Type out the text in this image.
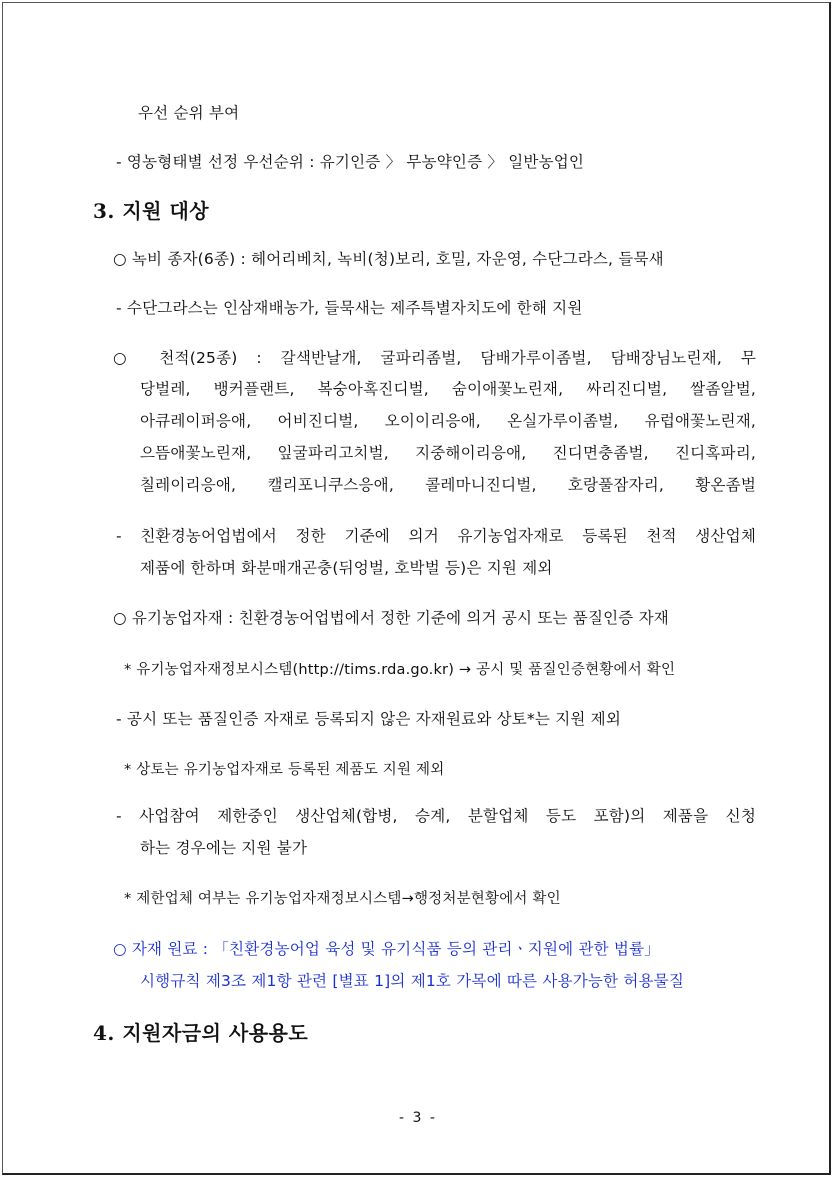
우선 순위 부여
- 영농형태별 선정 우선순위 : 유기인증 〉 무농약인증 〉 일반농업인
3. 지원 대상
○ 녹비 종자(6종) : 헤어리베치, 녹비(청)보리, 호밀, 자운영, 수단그라스, 들묵새
- 수단그라스는 인삼재배농가, 들묵새는 제주특별자치도에 한해 지원
○ 천적(25종) : 갈색반날개, 굴파리좀벌, 담배가루이좀벌, 담배장님노린재, 무
당벌레, 뱅커플랜트, 복숭아혹진디벌, 숨이애꽃노린재, 싸리진디벌, 쌀좀알벌,
아큐레이퍼응애, 어비진디벌, 오이이리응애, 온실가루이좀벌, 유럽애꽃노린재,
으뜸애꽃노린재, 잎굴파리고치벌, 지중해이리응애, 진디면충좀벌, 진디혹파리,
칠레이리응애, 캘리포니쿠스응애, 콜레마니진디벌, 호랑풀잠자리, 황온좀벌
- 친환경농어업법에서 정한 기준에 의거 유기농업자재로 등록된 천적 생산업체
제품에 한하며 화분매개곤충(뒤엉벌, 호박벌 등)은 지원 제외
○ 유기농업자재 : 친환경농어업법에서 정한 기준에 의거 공시 또는 품질인증 자재
* 유기농업자재정보시스템(http://tims.rda.go.kr) → 공시 및 품질인증현황에서 확인
- 공시 또는 품질인증 자재로 등록되지 않은 자재원료와 상토*는 지원 제외
* 상토는 유기농업자재로 등록된 제품도 지원 제외
- 사업참여 제한중인 생산업체(합병, 승계, 분할업체 등도 포함)의 제품을 신청
하는 경우에는 지원 불가
* 제한업체 여부는 유기농업자재정보시스템→행정처분현황에서 확인
○ 자재 원료 : 「친환경농어업 육성 및 유기식품 등의 관리ㆍ지원에 관한 법률」
시행규칙 제3조 제1항 관련 [별표 1]의 제1호 가목에 따른 사용가능한 허용물질
4. 지원자금의 사용용도
- 3 -
